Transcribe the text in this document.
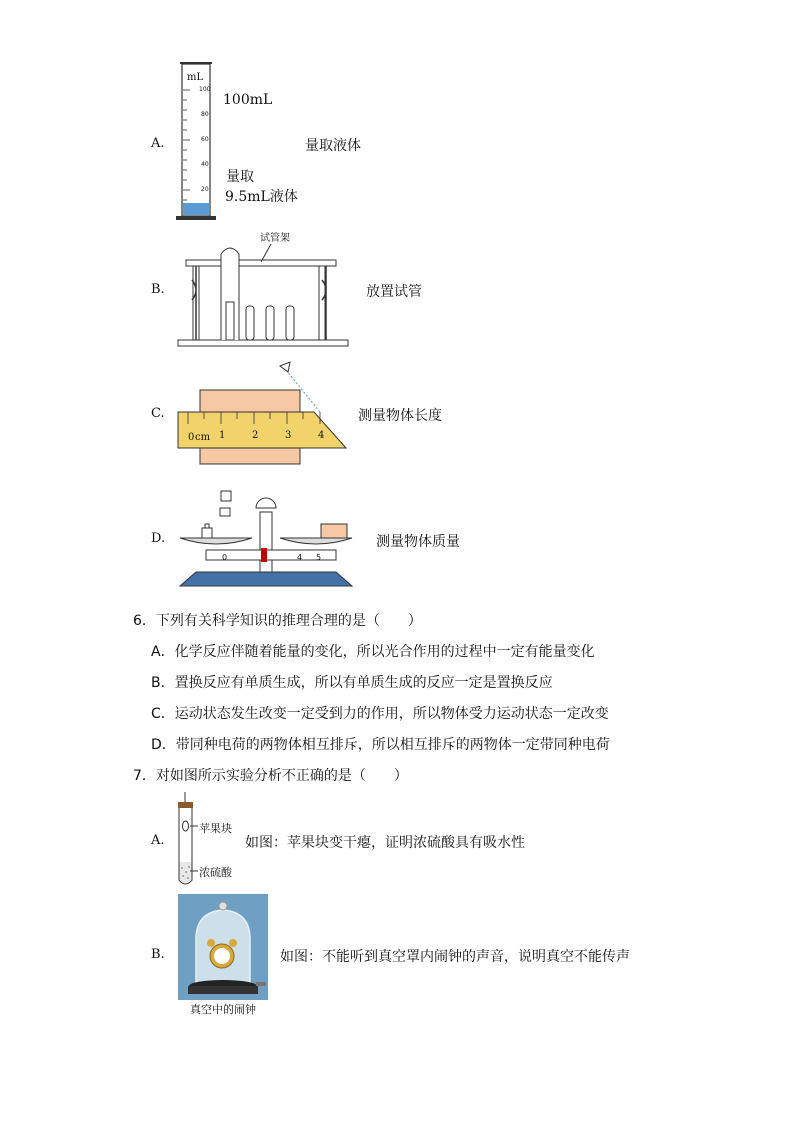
A.
mL
100
80
60
40
20
100mL
量取
9.5mL液体
量取液体
B.
试管架
放置试管
C.
0 cm 1	2	3	4
测量物体长度
D.
0	4 5
测量物体质量
6．下列有关科学知识的推理合理的是（　　）
A．化学反应伴随着能量的变化，所以光合作用的过程中一定有能量变化
B．置换反应有单质生成，所以有单质生成的反应一定是置换反应
C．运动状态发生改变一定受到力的作用，所以物体受力运动状态一定改变
D．带同种电荷的两物体相互排斥，所以相互排斥的两物体一定带同种电荷
7．对如图所示实验分析不正确的是（　　）
A.
苹果块
浓硫酸
如图：苹果块变干瘪，证明浓硫酸具有吸水性
B.
真空中的闹钟
如图：不能听到真空罩内闹钟的声音，说明真空不能传声
